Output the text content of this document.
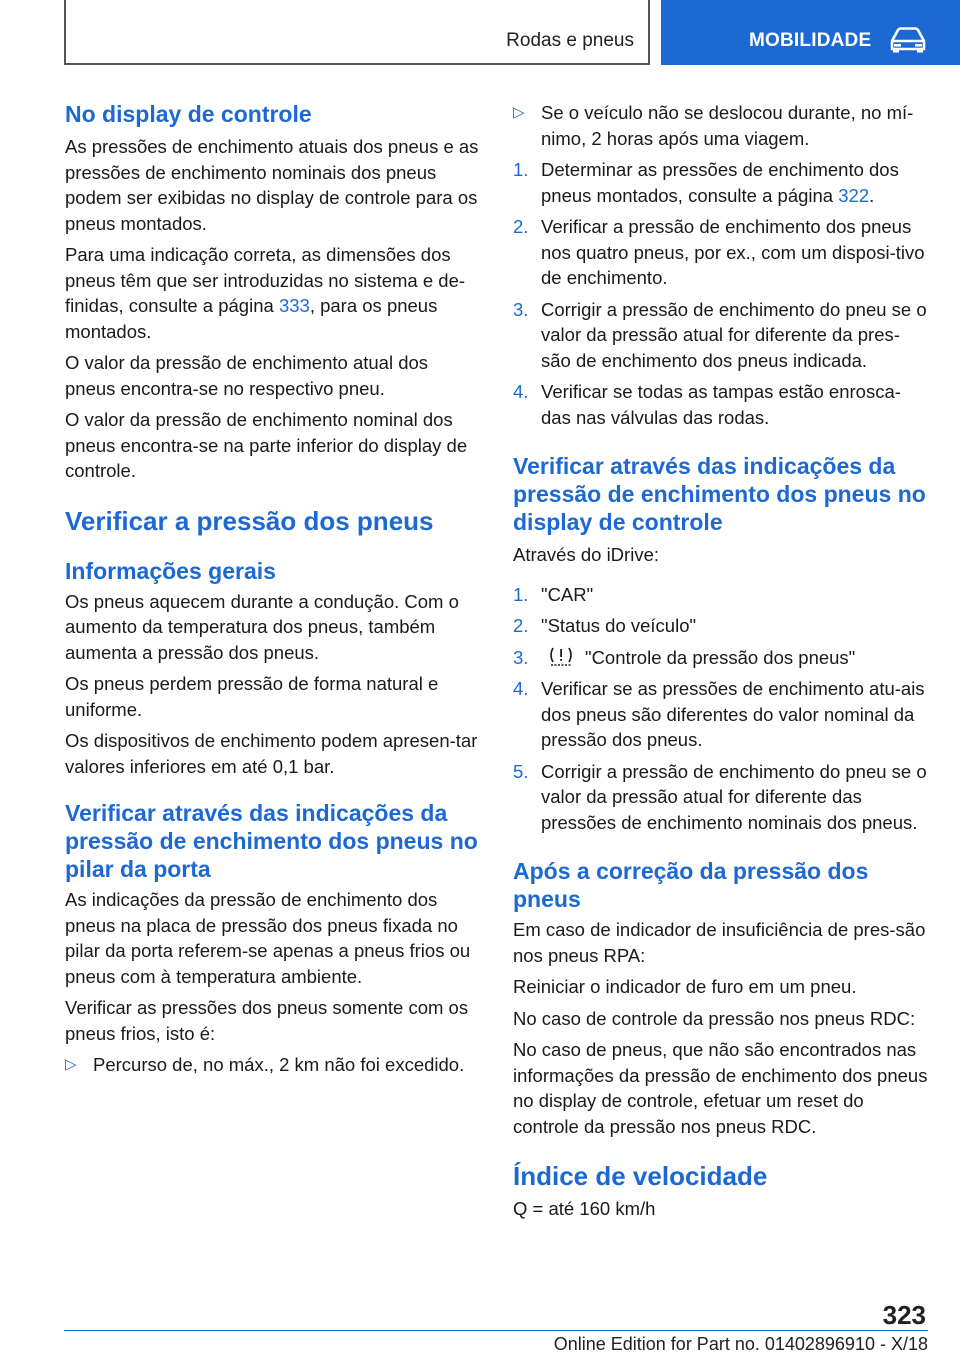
Rodas e pneus	MOBILIDADE
No display de controle

As pressões de enchimento atuais dos pneus e as pressões de enchimento nominais dos pneus podem ser exibidas no display de controle para os pneus montados.

Para uma indicação correta, as dimensões dos pneus têm que ser introduzidas no sistema e de‐finidas, consulte a página 333, para os pneus montados.

O valor da pressão de enchimento atual dos pneus encontra-se no respectivo pneu.

O valor da pressão de enchimento nominal dos pneus encontra-se na parte inferior do display de controle.

Verificar a pressão dos pneus
Informações gerais

Os pneus aquecem durante a condução. Com o aumento da temperatura dos pneus, também aumenta a pressão dos pneus.

Os pneus perdem pressão de forma natural e uniforme.

Os dispositivos de enchimento podem apresen‐tar valores inferiores em até 0,1 bar.

Verificar através das indicações da pressão de enchimento dos pneus no pilar da porta

As indicações da pressão de enchimento dos pneus na placa de pressão dos pneus fixada no pilar da porta referem-se apenas a pneus frios ou pneus com à temperatura ambiente.

Verificar as pressões dos pneus somente com os pneus frios, isto é:

▷ Percurso de, no máx., 2 km não foi excedido.
▷ Se o veículo não se deslocou durante, no mí‐nimo, 2 horas após uma viagem.
1. Determinar as pressões de enchimento dos pneus montados, consulte a página 322.
2. Verificar a pressão de enchimento dos pneus nos quatro pneus, por ex., com um disposi‐tivo de enchimento.
3. Corrigir a pressão de enchimento do pneu se o valor da pressão atual for diferente da pres‐são de enchimento dos pneus indicada.
4. Verificar se todas as tampas estão enrosca‐das nas válvulas das rodas.
Verificar através das indicações da pressão de enchimento dos pneus no display de controle

Através do iDrive:

1. "CAR"
2. "Status do veículo"
3.	"Controle da pressão dos pneus"
4. Verificar se as pressões de enchimento atu‐ais dos pneus são diferentes do valor nominal da pressão dos pneus.
5. Corrigir a pressão de enchimento do pneu se o valor da pressão atual for diferente das pressões de enchimento nominais dos pneus.
Após a correção da pressão dos pneus

Em caso de indicador de insuficiência de pres‐são nos pneus RPA:

Reiniciar o indicador de furo em um pneu.

No caso de controle da pressão nos pneus RDC:

No caso de pneus, que não são encontrados nas informações da pressão de enchimento dos pneus no display de controle, efetuar um reset do controle da pressão nos pneus RDC.

Índice de velocidade

Q = até 160 km/h

323
Online Edition for Part no. 01402896910 - X/18
